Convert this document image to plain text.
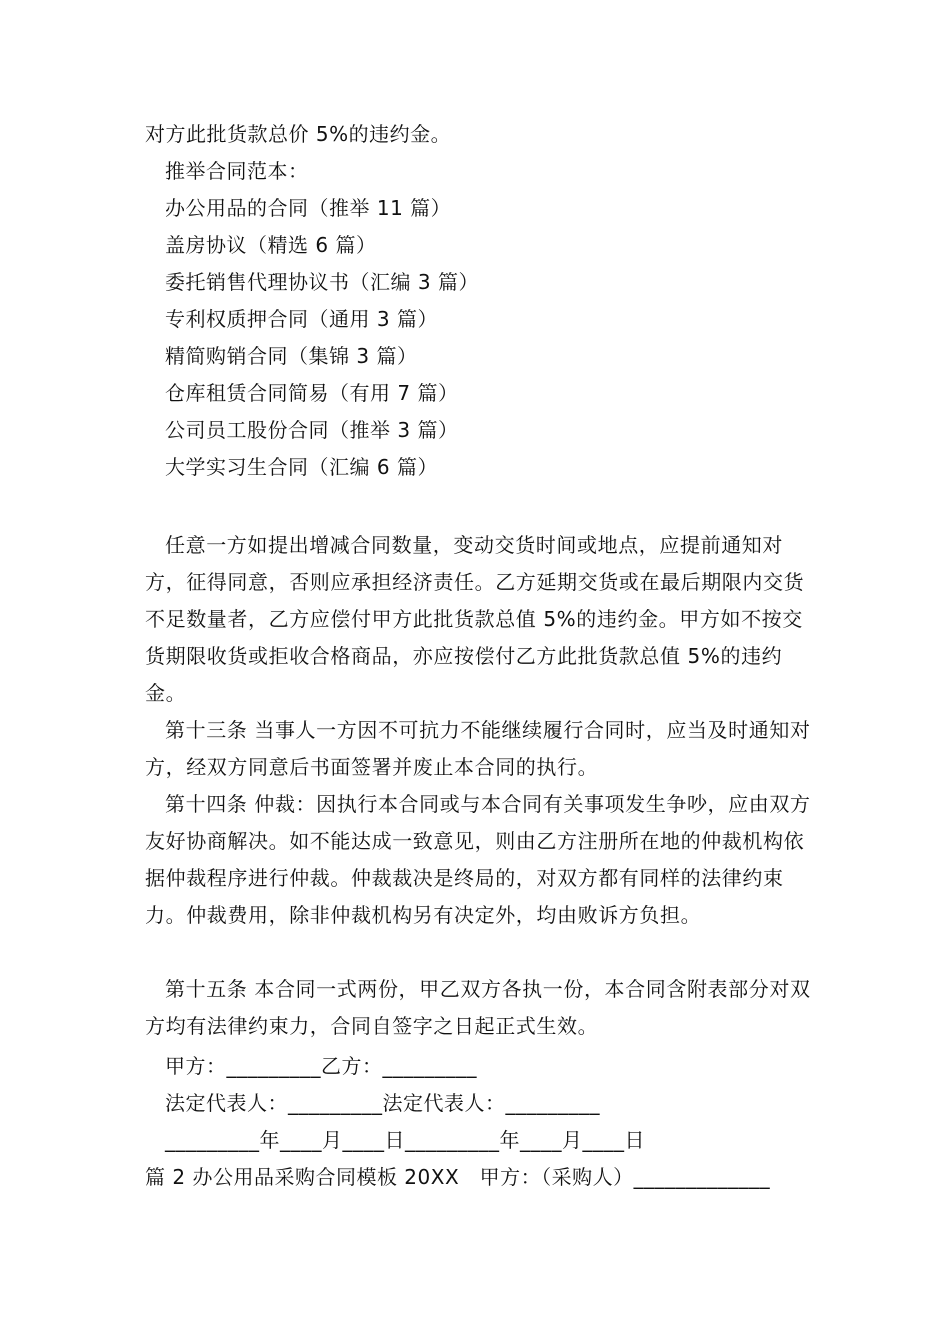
对方此批货款总价 5%的违约金。
推举合同范本：
办公用品的合同（推举 11 篇）
盖房协议（精选 6 篇）
委托销售代理协议书（汇编 3 篇）
专利权质押合同（通用 3 篇）
精简购销合同（集锦 3 篇）
仓库租赁合同简易（有用 7 篇）
公司员工股份合同（推举 3 篇）
大学实习生合同（汇编 6 篇）
任意一方如提出增减合同数量，变动交货时间或地点，应提前通知对方，征得同意，否则应承担经济责任。乙方延期交货或在最后期限内交货不足数量者，乙方应偿付甲方此批货款总值 5%的违约金。甲方如不按交货期限收货或拒收合格商品，亦应按偿付乙方此批货款总值 5%的违约金。
第十三条 当事人一方因不可抗力不能继续履行合同时，应当及时通知对方，经双方同意后书面签署并废止本合同的执行。
第十四条 仲裁：因执行本合同或与本合同有关事项发生争吵，应由双方友好协商解决。如不能达成一致意见，则由乙方注册所在地的仲裁机构依据仲裁程序进行仲裁。仲裁裁决是终局的，对双方都有同样的法律约束力。仲裁费用，除非仲裁机构另有决定外，均由败诉方负担。
第十五条 本合同一式两份，甲乙双方各执一份，本合同含附表部分对双方均有法律约束力，合同自签字之日起正式生效。
甲方：_________乙方：_________
法定代表人：_________法定代表人：_________
_________年____月____日_________年____月____日
篇 2 办公用品采购合同模板 20XX　甲方：（采购人）_____________
